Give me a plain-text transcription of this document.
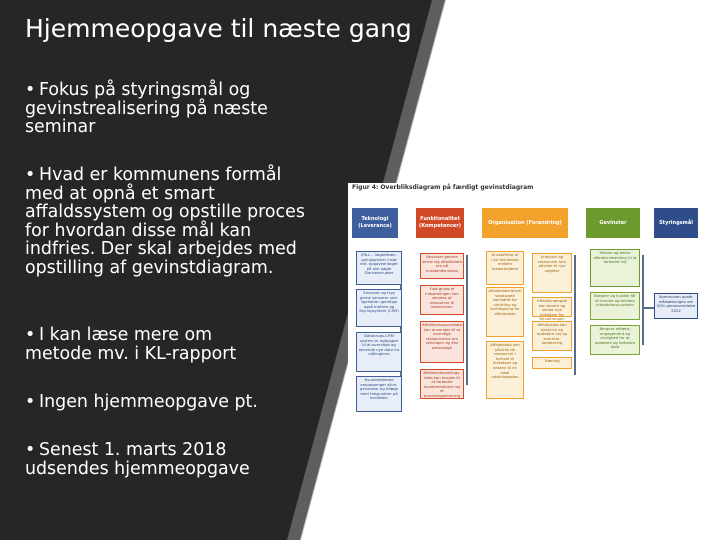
Hjemmeopgave til næste gang
• Fokus på styringsmål og gevinstrealisering på næste seminar
• Hvad er kommunens formål med at opnå et smart affaldssystem og opstille proces for hvordan disse mål kan indfries. Der skal arbejdes med opstilling af gevinstdiagram.
• I kan læse mere om metode mv. i KL-rapport
• Ingen hjemmeopgave pt.
• Senest 1. marts 2018 udsendes hjemmeopgave
Figur 4: Overbliksdiagram på færdigt gevinstdiagram
Teknologi (Leverance)
Funktionalitet (Kompetencer)
Organisation (Forandring)	Gevinster	Styringsmål
ERLL – Vagtafhængningsplaner insat ent. opgaveentaget på alle nøgle Slankesen-øser
Sensorer og tryg gerne sensorer vedligeholde ugentlige også mellem og Styringsystem (CSM)
Databrugs-CRM system er opbygget til at overvåge ag anvende nye data fra målingerne
Nyudarbejdede ompassenger sikregenerator og tilføge med tidspunkter på kvaliteter
Besvarer genere verne sig affaldsdata om på husstandsniveau
Fuld-gning af indsamlingen kan ændres af ressourcer til kommunen
Affaldsressourcedata kan anvendes til at overvåge ressourcerne om retningen og den personlige
Affaldsindsamlingsdata kan bruges til at forbedre kunderelationer og et procesorganisering
Anskaffelse af nye kernedata mellem medarbejdere
Affaldsdata bliver stadigvæk samkøret for udvikling og kortlægning for affaldsdata
Affaldsdata kan påvirke de ressourcer i forhold til indsatsen og dataen til en lokal udviklingsplan
Analyser og ressourcer kan påvirke til nye udgifter
Affaldsmængde kan ændre og sende nye indsatser for forvaltningen
Affaldsdata kan beskrive og opdatere vej og kvartaleopdatering
Træning
Mindre og bedre affaldsindsamling til at forbedre vej
Borgere og kunder får et mindre og enklere interaktions-system
Borgere adfærd, engagement og mulighed for at opdatere og forbedre data
Kommunen opnår målsætningen om 50% genanvendelse 2022
